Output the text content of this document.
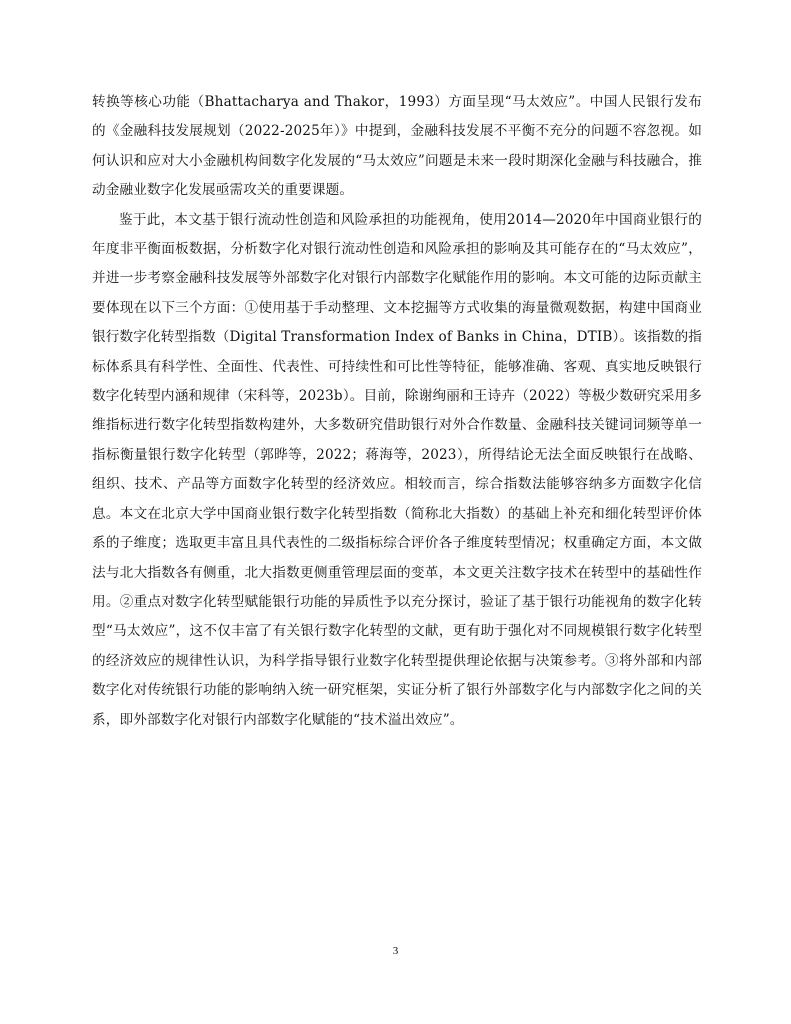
转换等核心功能（Bhattacharya and Thakor，1993）方面呈现“马太效应”。中国人民银行发布的《金融科技发展规划（2022-2025年）》中提到，金融科技发展不平衡不充分的问题不容忽视。如何认识和应对大小金融机构间数字化发展的“马太效应”问题是未来一段时期深化金融与科技融合，推动金融业数字化发展亟需攻关的重要课题。

鉴于此，本文基于银行流动性创造和风险承担的功能视角，使用2014—2020年中国商业银行的年度非平衡面板数据，分析数字化对银行流动性创造和风险承担的影响及其可能存在的“马太效应”，并进一步考察金融科技发展等外部数字化对银行内部数字化赋能作用的影响。本文可能的边际贡献主要体现在以下三个方面：①使用基于手动整理、文本挖掘等方式收集的海量微观数据，构建中国商业银行数字化转型指数（Digital Transformation Index of Banks in China，DTIB）。该指数的指标体系具有科学性、全面性、代表性、可持续性和可比性等特征，能够准确、客观、真实地反映银行数字化转型内涵和规律（宋科等，2023b）。目前，除谢绚丽和王诗卉（2022）等极少数研究采用多维指标进行数字化转型指数构建外，大多数研究借助银行对外合作数量、金融科技关键词词频等单一指标衡量银行数字化转型（郭晔等，2022；蒋海等，2023），所得结论无法全面反映银行在战略、组织、技术、产品等方面数字化转型的经济效应。相较而言，综合指数法能够容纳多方面数字化信息。本文在北京大学中国商业银行数字化转型指数（简称北大指数）的基础上补充和细化转型评价体系的子维度；选取更丰富且具代表性的二级指标综合评价各子维度转型情况；权重确定方面，本文做法与北大指数各有侧重，北大指数更侧重管理层面的变革，本文更关注数字技术在转型中的基础性作用。②重点对数字化转型赋能银行功能的异质性予以充分探讨，验证了基于银行功能视角的数字化转型“马太效应”，这不仅丰富了有关银行数字化转型的文献，更有助于强化对不同规模银行数字化转型的经济效应的规律性认识，为科学指导银行业数字化转型提供理论依据与决策参考。③将外部和内部数字化对传统银行功能的影响纳入统一研究框架，实证分析了银行外部数字化与内部数字化之间的关系，即外部数字化对银行内部数字化赋能的“技术溢出效应”。

3
